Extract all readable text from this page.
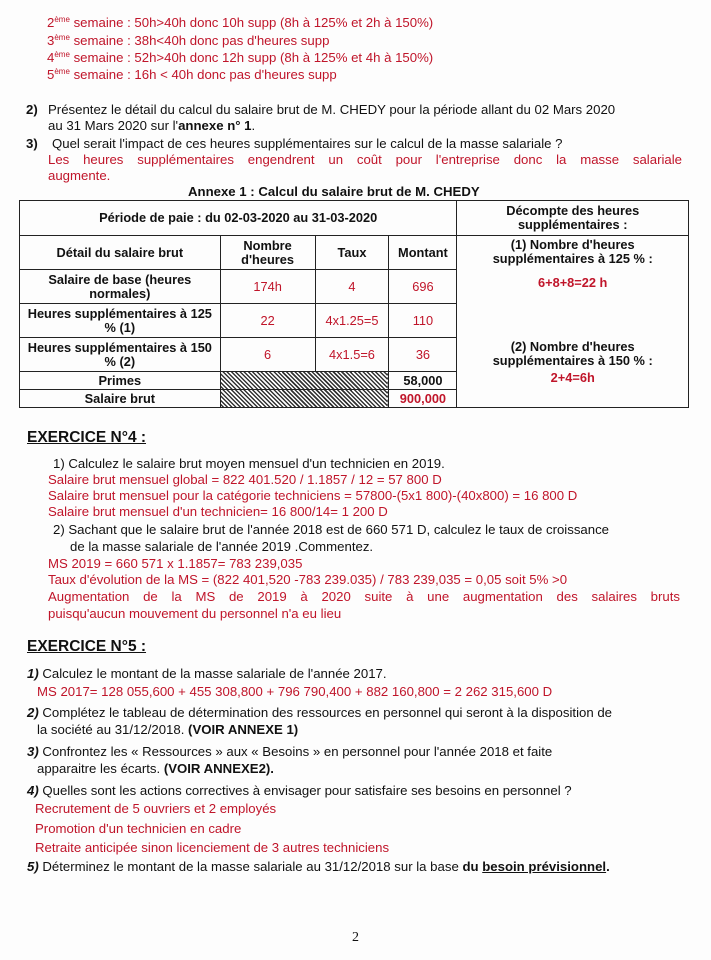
2ème semaine : 50h>40h donc 10h supp (8h à 125% et 2h à 150%)
3ème semaine : 38h<40h donc pas d'heures supp
4ème semaine : 52h>40h donc 12h supp (8h à 125% et 4h à 150%)
5ème semaine : 16h < 40h donc pas d'heures supp
2) Présentez le détail du calcul du salaire brut de M. CHEDY pour la période allant du 02 Mars 2020
au 31 Mars 2020 sur l'annexe n° 1.
3) Quel serait l'impact de ces heures supplémentaires sur le calcul de la masse salariale ?
Les heures supplémentaires engendrent un coût pour l'entreprise donc la masse salariale
augmente.
Annexe 1 : Calcul du salaire brut de M. CHEDY
Période de paie : du 02-03-2020 au 31-03-2020				Décompte des heures supplémentaires :
Détail du salaire brut	Nombre d'heures	Taux	Montant	(1) Nombre d'heures supplémentaires à 125 % :
Salaire de base (heures normales)	174h	4	696	6+8+8=22 h
Heures supplémentaires à 125 % (1)	22	4x1.25=5	110	
Heures supplémentaires à 150 % (2)	6	4x1.5=6	36	(2) Nombre d'heures supplémentaires à 150 % :
2+4=6h

Primes			58,000	
Salaire brut			900,000	
EXERCICE N°4 :
1) Calculez le salaire brut moyen mensuel d'un technicien en 2019.
Salaire brut mensuel global = 822 401.520 / 1.1857 / 12 = 57 800 D
Salaire brut mensuel pour la catégorie techniciens = 57800-(5x1 800)-(40x800) = 16 800 D
Salaire brut mensuel d'un technicien= 16 800/14= 1 200 D
2) Sachant que le salaire brut de l'année 2018 est de 660 571 D, calculez le taux de croissance
de la masse salariale de l'année 2019 .Commentez.
MS 2019 = 660 571 x 1.1857= 783 239,035
Taux d'évolution de la MS = (822 401,520 -783 239.035) / 783 239,035 = 0,05 soit 5% >0
Augmentation de la MS de 2019 à 2020 suite à une augmentation des salaires bruts
puisqu'aucun mouvement du personnel n'a eu lieu
EXERCICE N°5 :
1) Calculez le montant de la masse salariale de l'année 2017.
MS 2017= 128 055,600 + 455 308,800 + 796 790,400 + 882 160,800 = 2 262 315,600 D
2) Complétez le tableau de détermination des ressources en personnel qui seront à la disposition de
la société au 31/12/2018. (VOIR ANNEXE 1)
3) Confrontez les « Ressources » aux « Besoins » en personnel pour l'année 2018 et faite
apparaitre les écarts. (VOIR ANNEXE2).
4) Quelles sont les actions correctives à envisager pour satisfaire ses besoins en personnel ?
Recrutement de 5 ouvriers et 2 employés
Promotion d'un technicien en cadre
Retraite anticipée sinon licenciement de 3 autres techniciens
5) Déterminez le montant de la masse salariale au 31/12/2018 sur la base du besoin prévisionnel.
2
